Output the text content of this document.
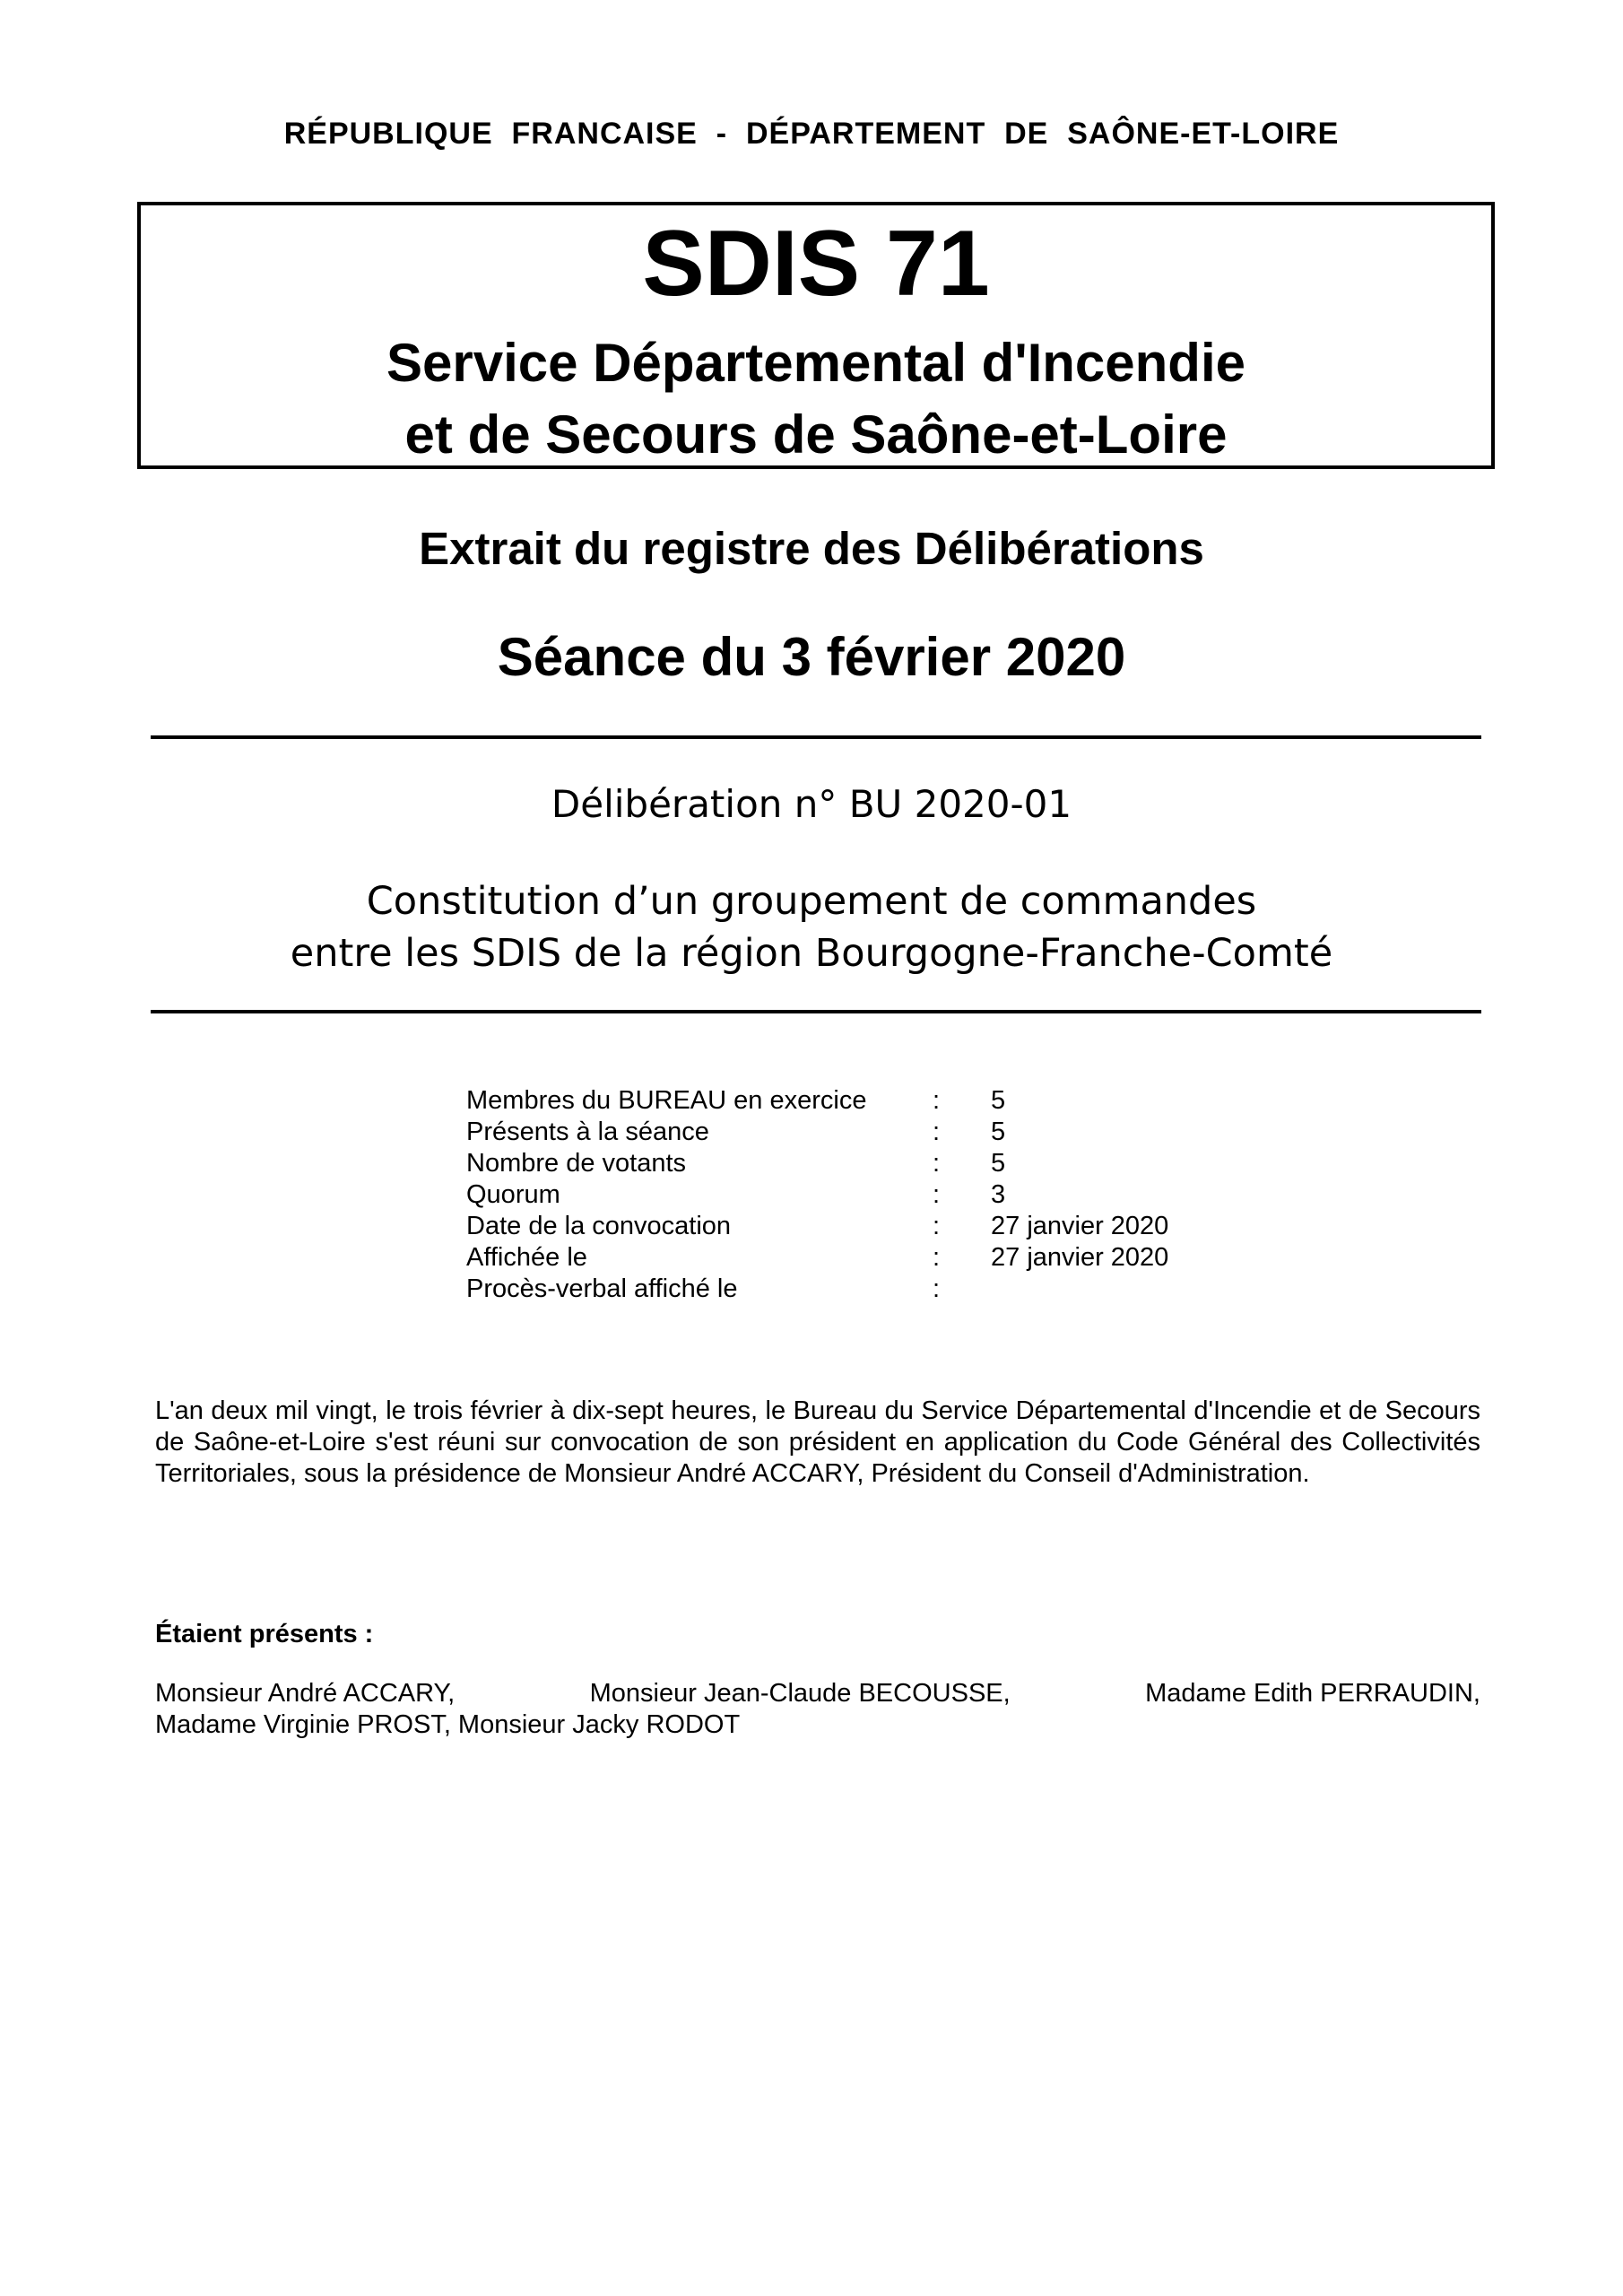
RÉPUBLIQUE  FRANCAISE  -  DÉPARTEMENT  DE  SAÔNE-ET-LOIRE
SDIS 71
Service Départemental d'Incendie
et de Secours de Saône-et-Loire
Extrait du registre des Délibérations
Séance du 3 février 2020
Délibération n° BU 2020-01
Constitution d’un groupement de commandes
entre les SDIS de la région Bourgogne-Franche-Comté
Membres du BUREAU en exercice	:	5
Présents à la séance	:	5
Nombre de votants	:	5
Quorum	:	3
Date de la convocation	:	27 janvier 2020
Affichée le	:	27 janvier 2020
Procès-verbal affiché le	:	
L'an deux mil vingt, le trois février à dix-sept heures, le Bureau du Service Départemental d'Incendie et de Secours de Saône-et-Loire s'est réuni sur convocation de son président en application du Code Général des Collectivités Territoriales, sous la présidence de Monsieur André ACCARY, Président du Conseil d'Administration.
Étaient présents :
Monsieur André ACCARY,	Monsieur Jean-Claude BECOUSSE,	Madame Edith PERRAUDIN,
Madame Virginie PROST, Monsieur Jacky RODOT
